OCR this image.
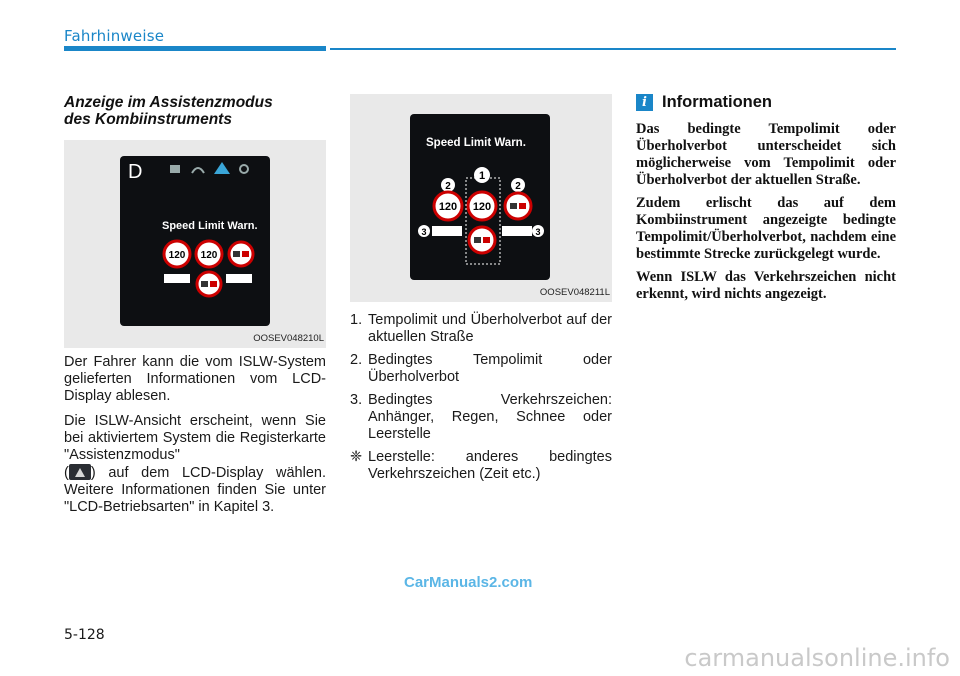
Fahrhinweise
Anzeige im Assistenzmodus
des Kombiinstruments
D
Speed Limit Warn.
120 120
OOSEV048210L

Der Fahrer kann die vom ISLW-System gelieferten Informationen vom LCD-Display ablesen.

Die ISLW-Ansicht erscheint, wenn Sie bei aktiviertem System die Registerkarte "Assistenzmodus"
( ) auf dem LCD-Display wählen. Weitere Informationen finden Sie unter "LCD-Betriebsarten" in Kapitel 3.

Speed Limit Warn.
1
2	2
120 120
3	3
OOSEV048211L
1. Tempolimit und Überholverbot auf der aktuellen Straße
2. Bedingtes Tempolimit oder Überholverbot
3. Bedingtes Verkehrszeichen: Anhänger, Regen, Schnee oder Leerstelle
❈ Leerstelle: anderes bedingtes Verkehrszeichen (Zeit etc.)
i Informationen

Das bedingte Tempolimit oder Überholverbot unterscheidet sich möglicherweise vom Tempolimit oder Überholverbot der aktuellen Straße.

Zudem erlischt das auf dem Kombiinstrument angezeigte bedingte Tempolimit/Überholverbot, nachdem eine bestimmte Strecke zurückgelegt wurde.

Wenn ISLW das Verkehrszeichen nicht erkennt, wird nichts angezeigt.

CarManuals2.com
5-128
carmanualsonline.info
